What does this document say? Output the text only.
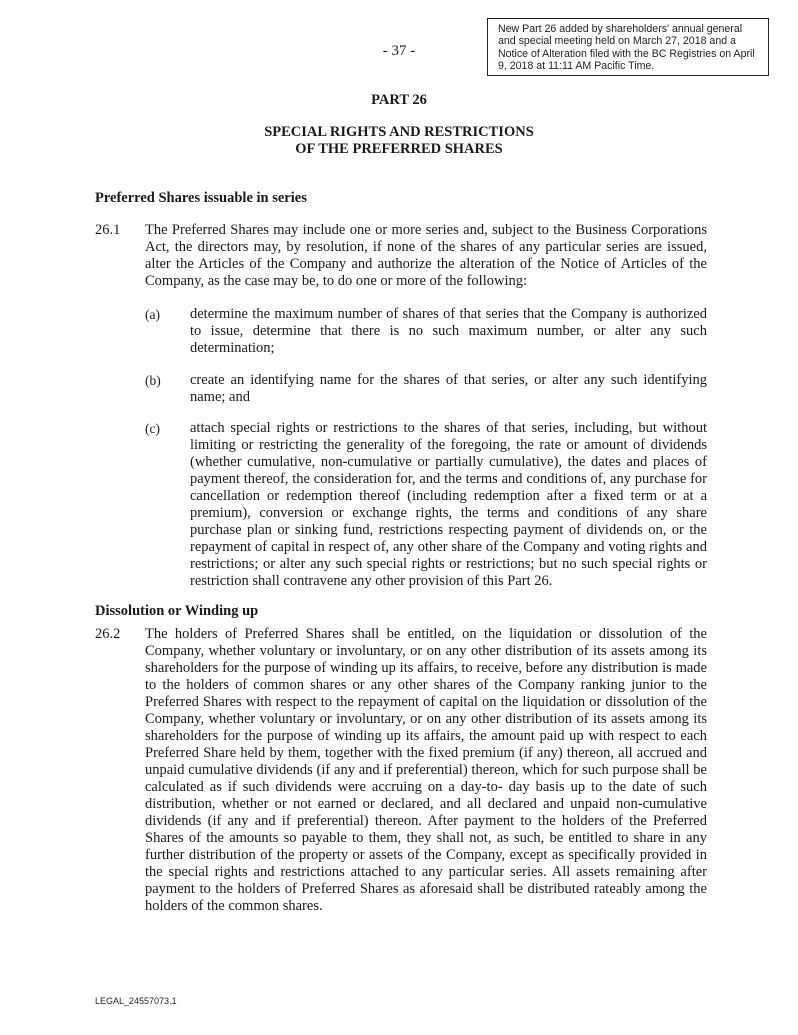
- 37 -
New Part 26 added by shareholders' annual general and special meeting held on March 27, 2018 and a Notice of Alteration filed with the BC Registries on April 9, 2018 at 11:11 AM Pacific Time.
PART 26
SPECIAL RIGHTS AND RESTRICTIONS
OF THE PREFERRED SHARES
Preferred Shares issuable in series
26.1 The Preferred Shares may include one or more series and, subject to the Business Corporations Act, the directors may, by resolution, if none of the shares of any particular series are issued, alter the Articles of the Company and authorize the alteration of the Notice of Articles of the Company, as the case may be, to do one or more of the following:
(a) determine the maximum number of shares of that series that the Company is authorized to issue, determine that there is no such maximum number, or alter any such determination;
(b) create an identifying name for the shares of that series, or alter any such identifying name; and
(c) attach special rights or restrictions to the shares of that series, including, but without limiting or restricting the generality of the foregoing, the rate or amount of dividends (whether cumulative, non-cumulative or partially cumulative), the dates and places of payment thereof, the consideration for, and the terms and conditions of, any purchase for cancellation or redemption thereof (including redemption after a fixed term or at a premium), conversion or exchange rights, the terms and conditions of any share purchase plan or sinking fund, restrictions respecting payment of dividends on, or the repayment of capital in respect of, any other share of the Company and voting rights and restrictions; or alter any such special rights or restrictions; but no such special rights or restriction shall contravene any other provision of this Part 26.
Dissolution or Winding up
26.2 The holders of Preferred Shares shall be entitled, on the liquidation or dissolution of the Company, whether voluntary or involuntary, or on any other distribution of its assets among its shareholders for the purpose of winding up its affairs, to receive, before any distribution is made to the holders of common shares or any other shares of the Company ranking junior to the Preferred Shares with respect to the repayment of capital on the liquidation or dissolution of the Company, whether voluntary or involuntary, or on any other distribution of its assets among its shareholders for the purpose of winding up its affairs, the amount paid up with respect to each Preferred Share held by them, together with the fixed premium (if any) thereon, all accrued and unpaid cumulative dividends (if any and if preferential) thereon, which for such purpose shall be calculated as if such dividends were accruing on a day-to- day basis up to the date of such distribution, whether or not earned or declared, and all declared and unpaid non-cumulative dividends (if any and if preferential) thereon. After payment to the holders of the Preferred Shares of the amounts so payable to them, they shall not, as such, be entitled to share in any further distribution of the property or assets of the Company, except as specifically provided in the special rights and restrictions attached to any particular series. All assets remaining after payment to the holders of Preferred Shares as aforesaid shall be distributed rateably among the holders of the common shares.
LEGAL_24557073.1
